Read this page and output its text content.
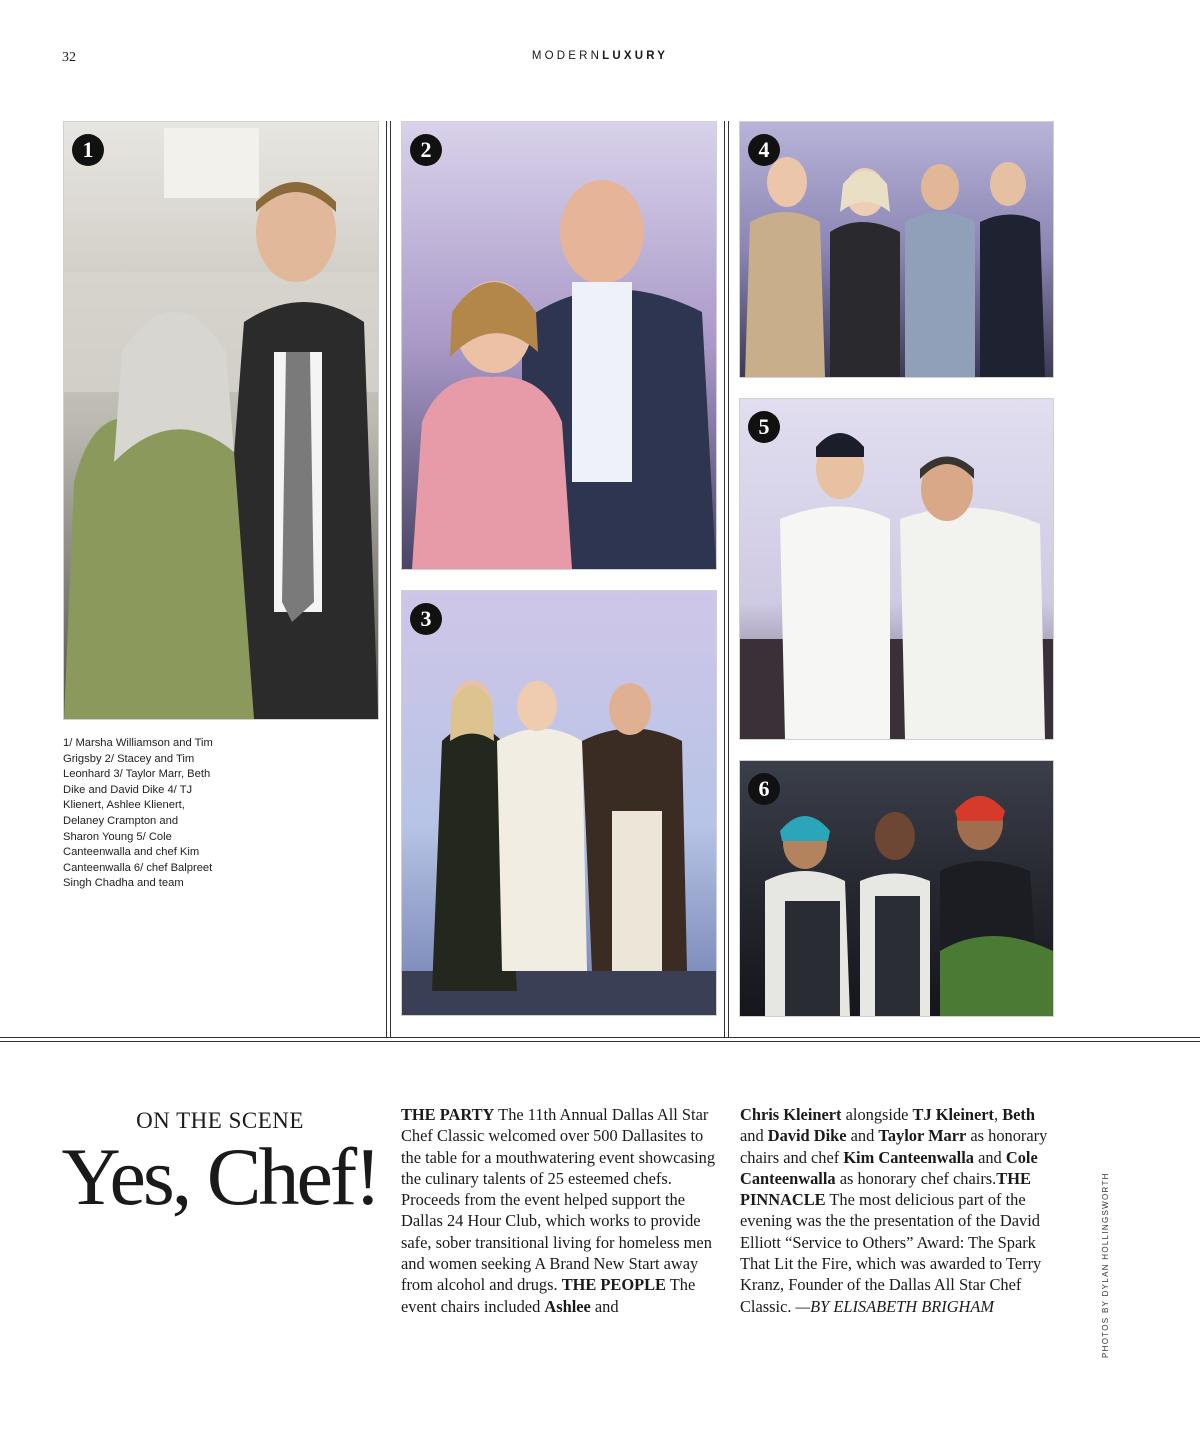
32	MODERNLUXURY
1	2
3
4
5
6
1/ Marsha Williamson and Tim Grigsby 2/ Stacey and Tim Leonhard 3/ Taylor Marr, Beth Dike and David Dike 4/ TJ Klienert, Ashlee Klienert, Delaney Crampton and Sharon Young 5/ Cole Canteenwalla and chef Kim Canteenwalla 6/ chef Balpreet Singh Chadha and team
ON THE SCENE
Yes, Chef!
THE PARTY The 11th Annual Dallas All Star Chef Classic welcomed over 500 Dallasites to the table for a mouthwatering event showcasing the culinary talents of 25 esteemed chefs. Proceeds from the event helped support the Dallas 24 Hour Club, which works to provide safe, sober transitional living for homeless men and women seeking A Brand New Start away from alcohol and drugs. THE PEOPLE The event chairs included Ashlee and
Chris Kleinert alongside TJ Kleinert, Beth and David Dike and Taylor Marr as honorary chairs and chef Kim Canteenwalla and Cole Canteenwalla as honorary chef chairs.THE PINNACLE The most delicious part of the evening was the the presentation of the David Elliott “Service to Others” Award: The Spark That Lit the Fire, which was awarded to Terry Kranz, Founder of the Dallas All Star Chef Classic. —BY ELISABETH BRIGHAM	PHOTOS BY DYLAN HOLLINGSWORTH
